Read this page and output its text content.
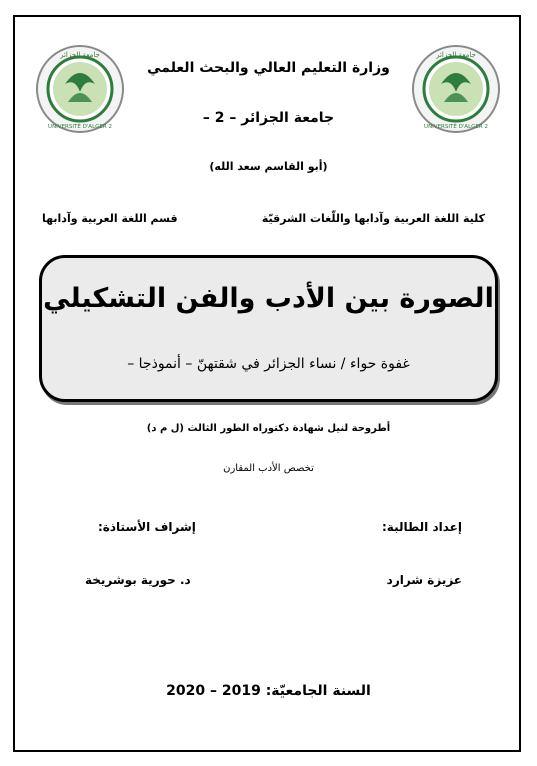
جامعة الجزائر
UNIVERSITÉ D'ALGER 2
جامعة الجزائر
UNIVERSITÉ D'ALGER 2
وزارة التعليم العالي والبحث العلمي
جامعة الجزائر – 2 –
(أبو القاسم سعد الله)
كلية اللغة العربية وآدابها واللّغات الشرقيّة
قسم اللغة العربية وآدابها
الصورة بين الأدب والفن التشكيلي
غفوة حواء / نساء الجزائر في شقتهنّ – أنموذجا –
أطروحة لنيل شهادة دكتوراه الطور الثالث (ل م د)
تخصص الأدب المقارن
إعداد الطالبة:
إشراف الأستاذة:
عزيزة شرارد
د. حورية بوشريخة
السنة الجامعيّة: 2019 – 2020
